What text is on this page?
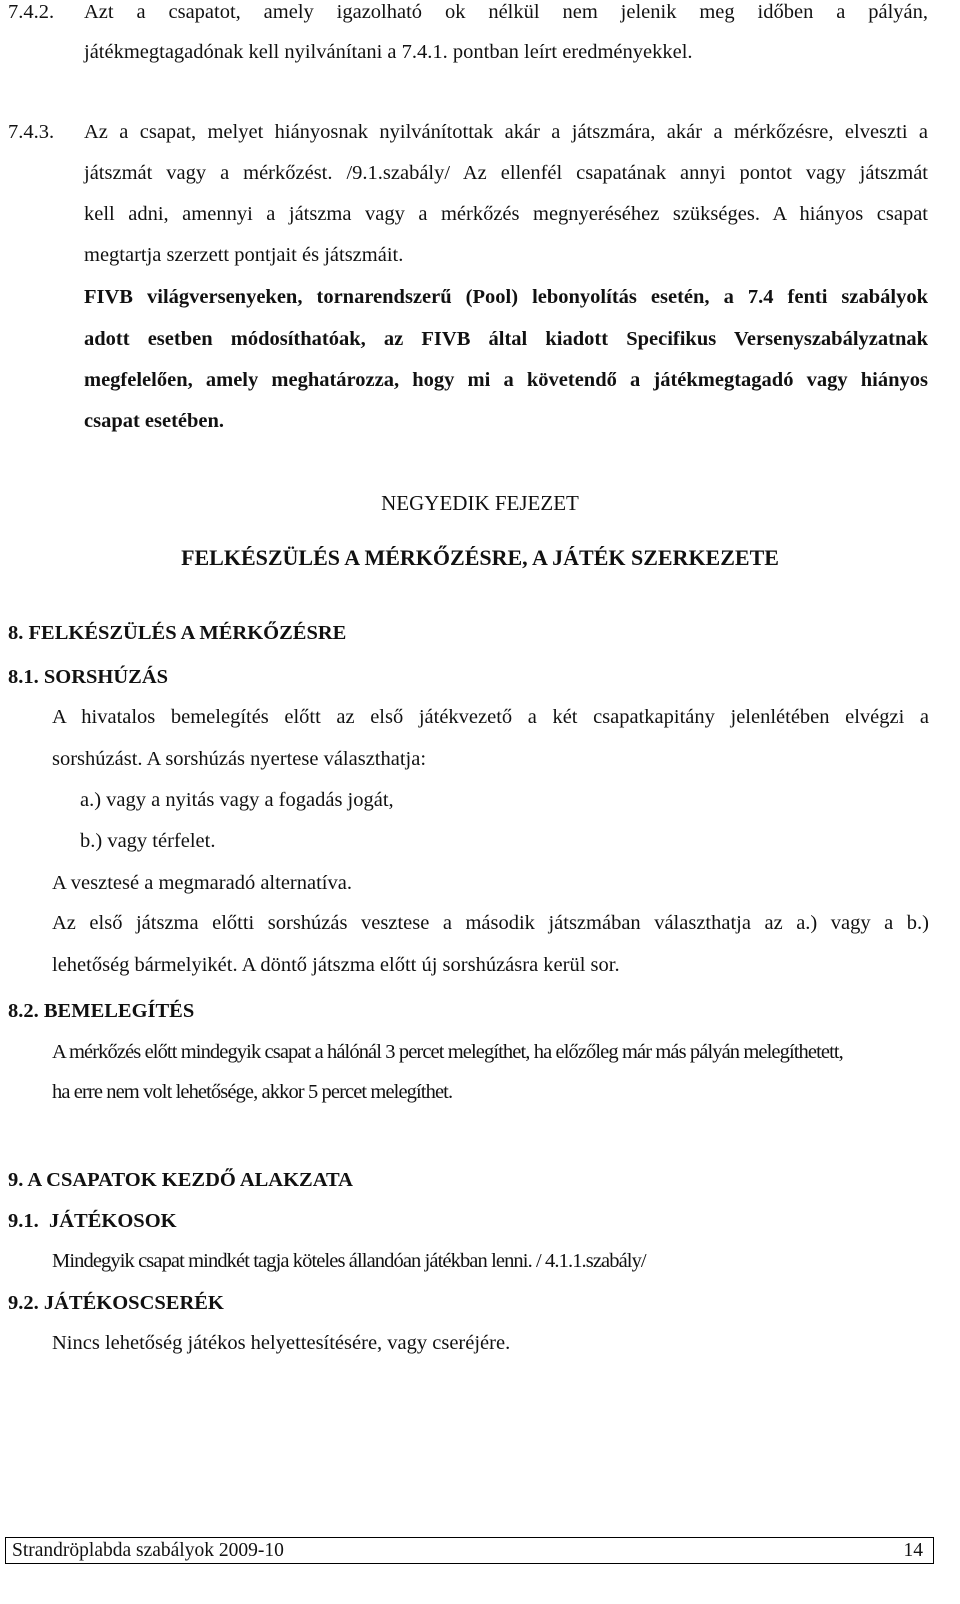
7.4.2. Azt a csapatot, amely igazolható ok nélkül nem jelenik meg időben a pályán,
játékmegtagadónak kell nyilvánítani a 7.4.1. pontban leírt eredményekkel.
7.4.3. Az a csapat, melyet hiányosnak nyilvánítottak akár a játszmára, akár a mérkőzésre, elveszti a
játszmát vagy a mérkőzést. /9.1.szabály/ Az ellenfél csapatának annyi pontot vagy játszmát
kell adni, amennyi a játszma vagy a mérkőzés megnyeréséhez szükséges. A hiányos csapat
megtartja szerzett pontjait és játszmáit.
FIVB világversenyeken, tornarendszerű (Pool) lebonyolítás esetén, a 7.4 fenti szabályok
adott esetben módosíthatóak, az FIVB által kiadott Specifikus Versenyszabályzatnak
megfelelően, amely meghatározza, hogy mi a követendő a játékmegtagadó vagy hiányos
csapat esetében.
NEGYEDIK FEJEZET
FELKÉSZÜLÉS A MÉRKŐZÉSRE, A JÁTÉK SZERKEZETE
8. FELKÉSZÜLÉS A MÉRKŐZÉSRE
8.1. SORSHÚZÁS
A hivatalos bemelegítés előtt az első játékvezető a két csapatkapitány jelenlétében elvégzi a
sorshúzást. A sorshúzás nyertese választhatja:
a.) vagy a nyitás vagy a fogadás jogát,
b.) vagy térfelet.
A vesztesé a megmaradó alternatíva.
Az első játszma előtti sorshúzás vesztese a második játszmában választhatja az a.) vagy a b.)
lehetőség bármelyikét. A döntő játszma előtt új sorshúzásra kerül sor.
8.2. BEMELEGÍTÉS
A mérkőzés előtt mindegyik csapat a hálónál 3 percet melegíthet, ha előzőleg már más pályán melegíthetett,
ha erre nem volt lehetősége, akkor 5 percet melegíthet.
9. A CSAPATOK KEZDŐ ALAKZATA
9.1.  JÁTÉKOSOK
Mindegyik csapat mindkét tagja köteles állandóan játékban lenni. / 4.1.1.szabály/
9.2. JÁTÉKOSCSERÉK
Nincs lehetőség játékos helyettesítésére, vagy cseréjére.
Strandröplabda szabályok 2009-10	14
